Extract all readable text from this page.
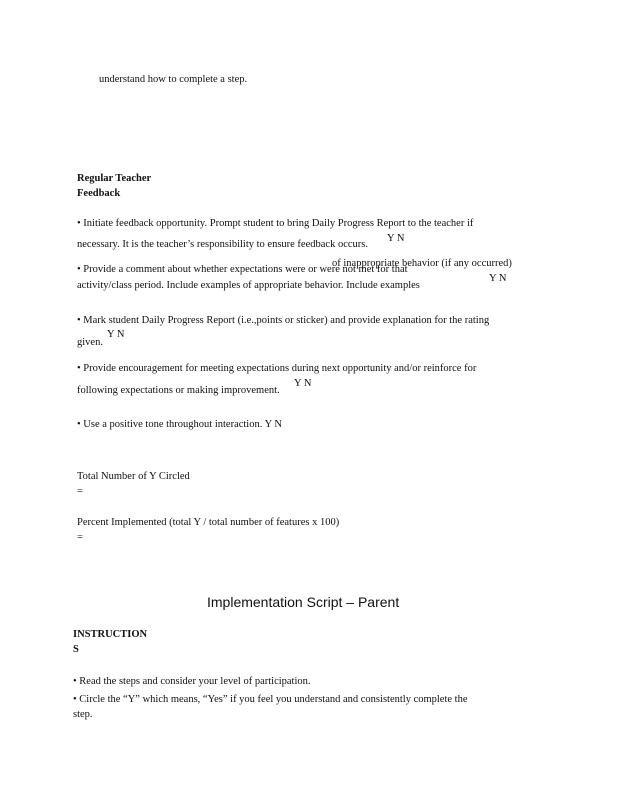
understand how to complete a step.
Regular Teacher
Feedback
• Initiate feedback opportunity. Prompt student to bring Daily Progress Report to the teacher if
necessary. It is the teacher’s responsibility to ensure feedback occurs.
Y N
• Provide a comment about whether expectations were or were not met for that
of inappropriate behavior (if any occurred)
activity/class period. Include examples of appropriate behavior. Include examples
Y N
• Mark student Daily Progress Report (i.e.,points or sticker) and provide explanation for the rating
given.
Y N
• Provide encouragement for meeting expectations during next opportunity and/or reinforce for
following expectations or making improvement.
Y N
• Use a positive tone throughout interaction. Y N
Total Number of Y Circled
=
Percent Implemented (total Y / total number of features x 100)
=
Implementation Script – Parent
INSTRUCTION
S
• Read the steps and consider your level of participation.
• Circle the “Y” which means, “Yes” if you feel you understand and consistently complete the
step.
